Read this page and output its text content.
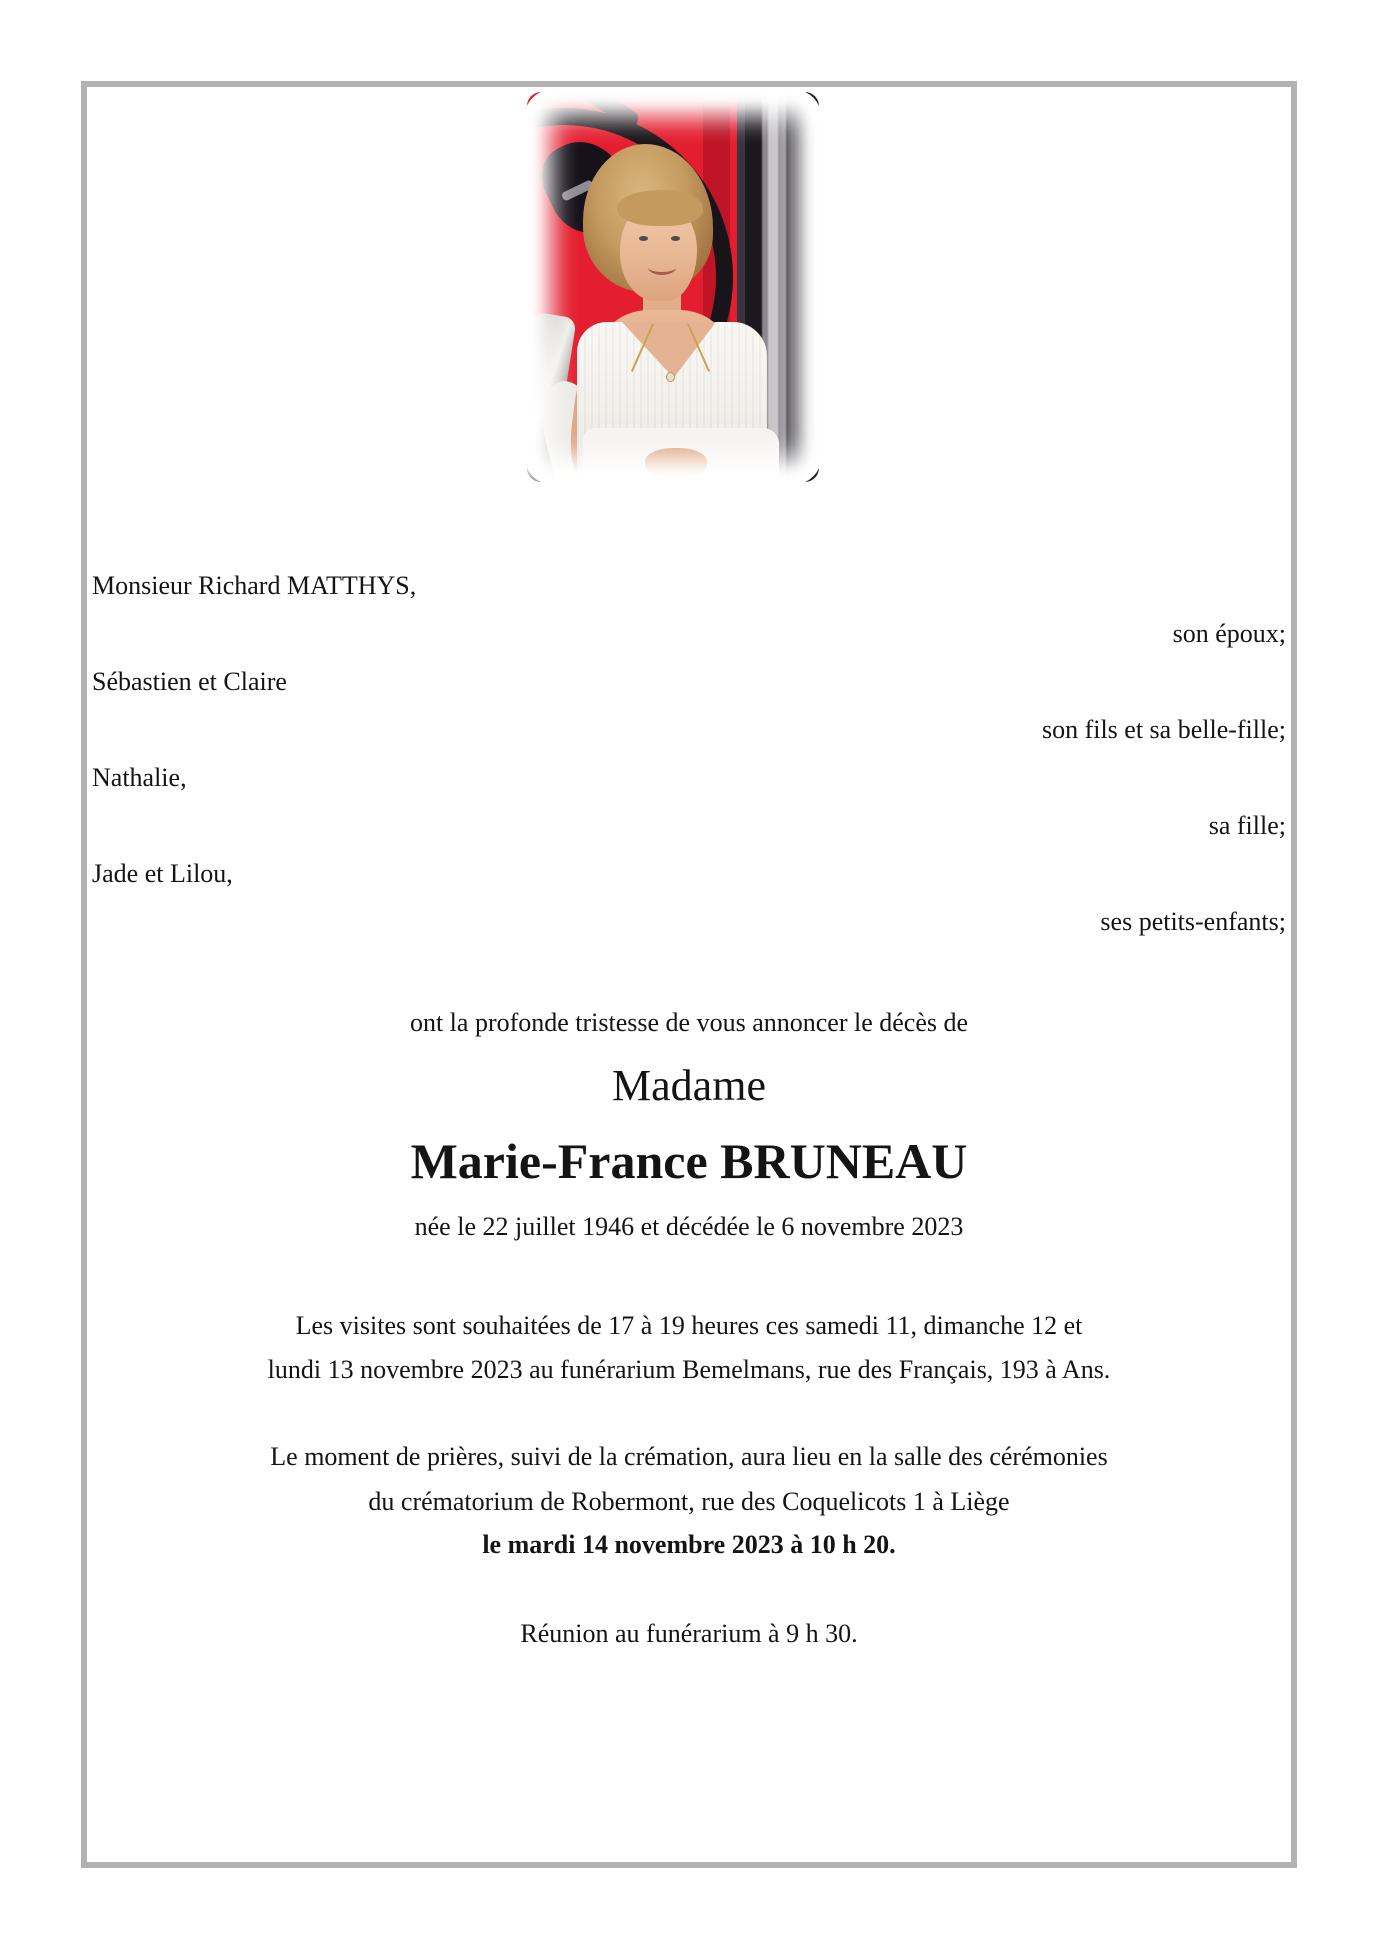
Monsieur Richard MATTHYS,
son époux;
Sébastien et Claire
son fils et sa belle-fille;
Nathalie,
sa fille;
Jade et Lilou,
ses petits-enfants;
ont la profonde tristesse de vous annoncer le décès de
Madame
Marie-France BRUNEAU
née le 22 juillet 1946 et décédée le 6 novembre 2023
Les visites sont souhaitées de 17 à 19 heures ces samedi 11, dimanche 12 et
lundi 13 novembre 2023 au funérarium Bemelmans, rue des Français, 193 à Ans.
Le moment de prières, suivi de la crémation, aura lieu en la salle des cérémonies
du crématorium de Robermont, rue des Coquelicots 1 à Liège
le mardi 14 novembre 2023 à 10 h 20.
Réunion au funérarium à 9 h 30.
